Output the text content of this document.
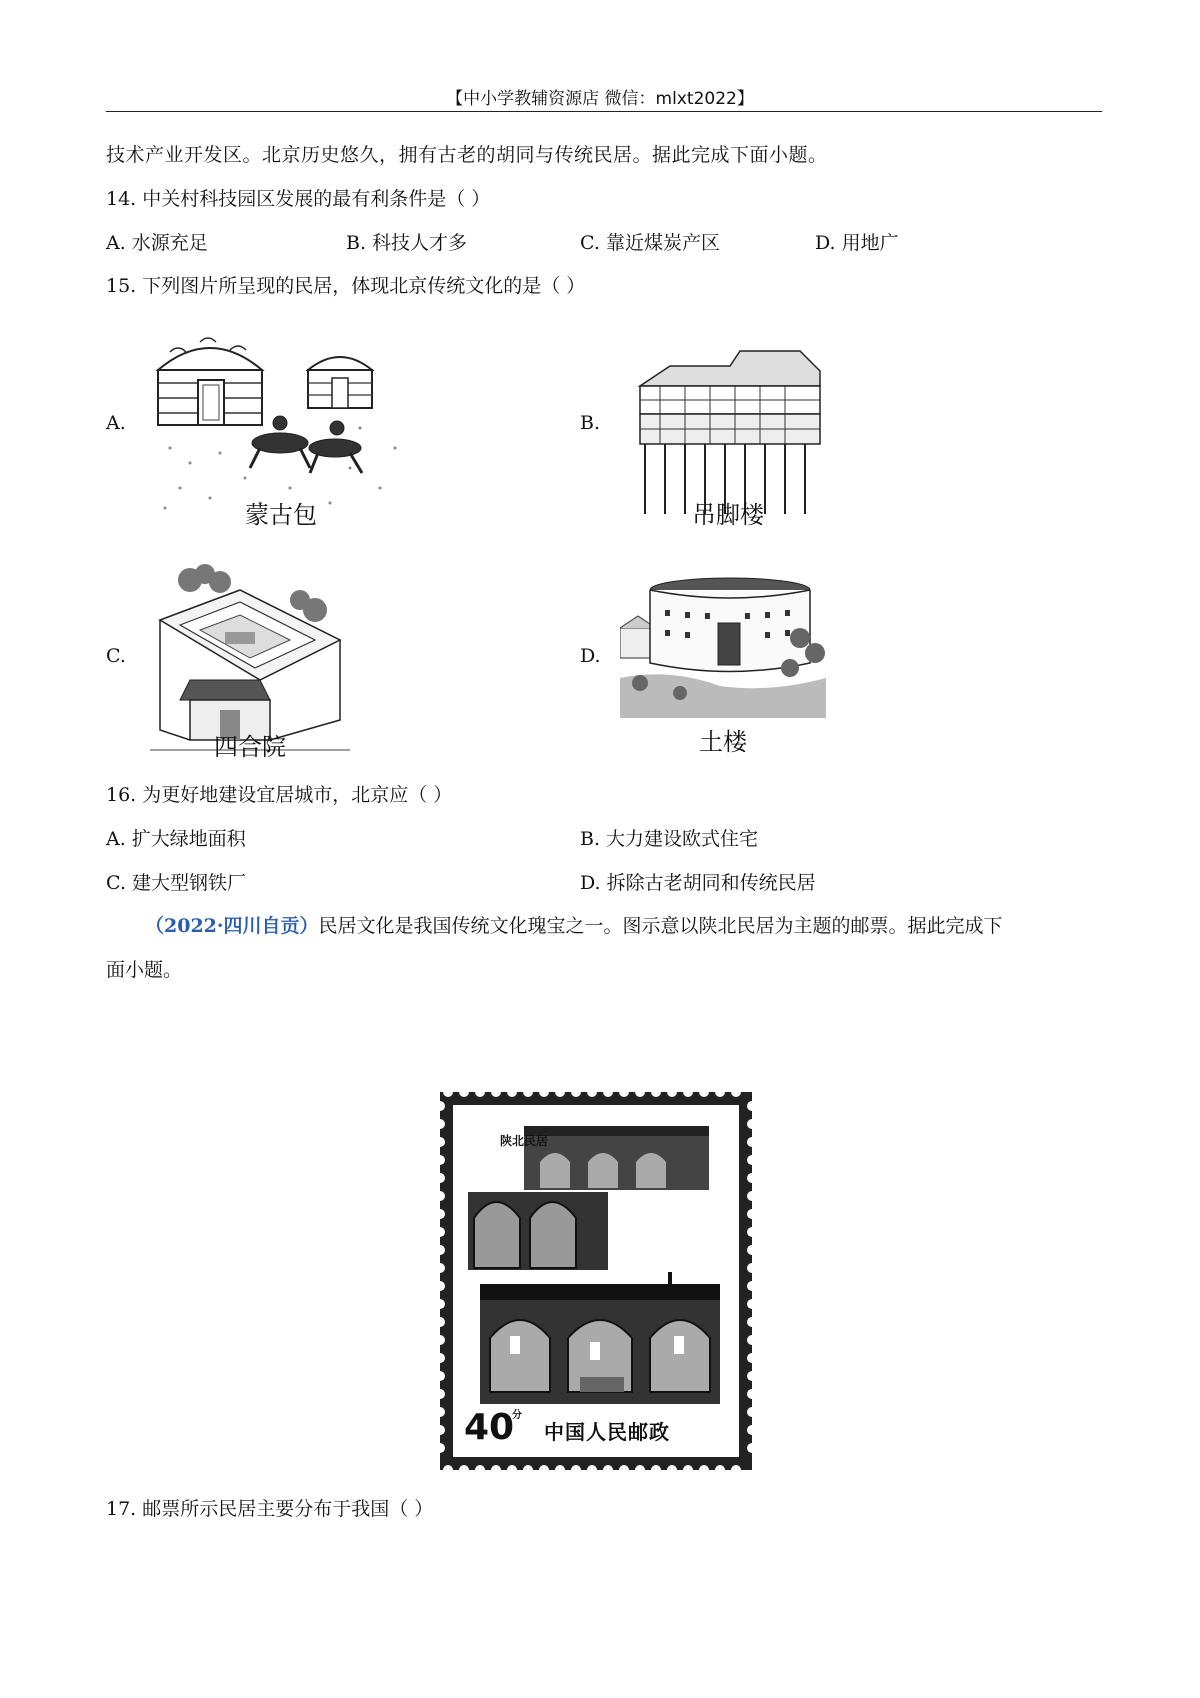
【中小学教辅资源店 微信：mlxt2022】
技术产业开发区。北京历史悠久，拥有古老的胡同与传统民居。据此完成下面小题。
14. 中关村科技园区发展的最有利条件是（ ）
A. 水源充足	B. 科技人才多	C. 靠近煤炭产区	D. 用地广
15. 下列图片所呈现的民居，体现北京传统文化的是（ ）
A.
蒙古包
B.
吊脚楼
C.
四合院
D.
土楼
16. 为更好地建设宜居城市，北京应（ ）
A. 扩大绿地面积	B. 大力建设欧式住宅
C. 建大型钢铁厂	D. 拆除古老胡同和传统民居
（2022·四川自贡）民居文化是我国传统文化瑰宝之一。图示意以陕北民居为主题的邮票。据此完成下
面小题。
陕北民居
40
分
中国人民邮政
17. 邮票所示民居主要分布于我国（ ）
